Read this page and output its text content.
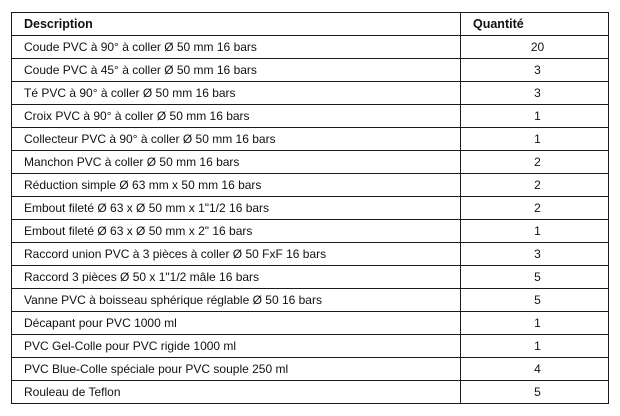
Description	Quantité
Coude PVC à 90° à coller Ø 50 mm 16 bars	20
Coude PVC à 45° à coller Ø 50 mm 16 bars	3
Té PVC à 90° à coller Ø 50 mm 16 bars	3
Croix PVC à 90° à coller Ø 50 mm 16 bars	1
Collecteur PVC à 90° à coller Ø 50 mm 16 bars	1
Manchon PVC à coller Ø 50 mm 16 bars	2
Réduction simple Ø 63 mm x 50 mm 16 bars	2
Embout fileté Ø 63 x Ø 50 mm x 1"1/2 16 bars	2
Embout fileté Ø 63 x Ø 50 mm x 2" 16 bars	1
Raccord union PVC à 3 pièces à coller Ø 50 FxF 16 bars	3
Raccord 3 pièces Ø 50 x 1"1/2 mâle 16 bars	5
Vanne PVC à boisseau sphérique réglable Ø 50 16 bars	5
Décapant pour PVC 1000 ml	1
PVC Gel-Colle pour PVC rigide 1000 ml	1
PVC Blue-Colle spéciale pour PVC souple 250 ml	4
Rouleau de Teflon	5
